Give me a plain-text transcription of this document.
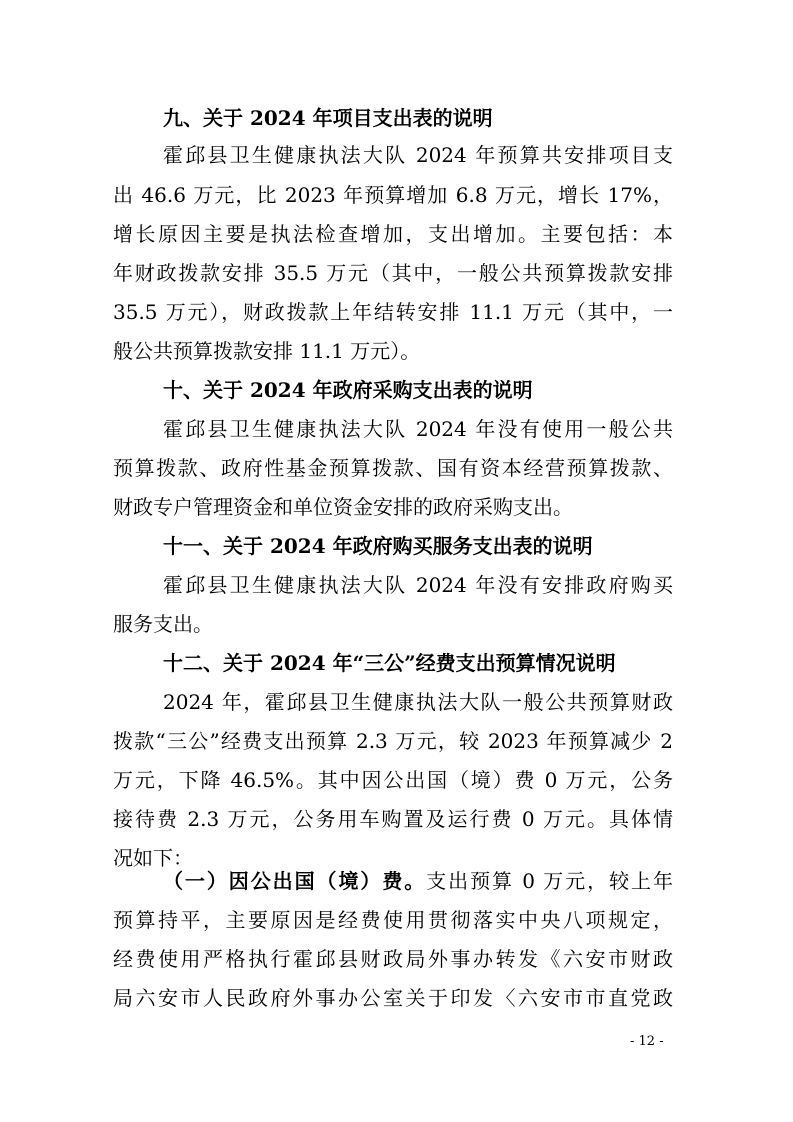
九、关于 2024 年项目支出表的说明
霍邱县卫生健康执法大队 2024 年预算共安排项目支
出 46.6 万元，比 2023 年预算增加 6.8 万元，增长 17%，
增长原因主要是执法检查增加，支出增加。主要包括：本
年财政拨款安排 35.5 万元（其中，一般公共预算拨款安排
35.5 万元），财政拨款上年结转安排 11.1 万元（其中，一
般公共预算拨款安排 11.1 万元）。
十、关于 2024 年政府采购支出表的说明
霍邱县卫生健康执法大队 2024 年没有使用一般公共
预算拨款、政府性基金预算拨款、国有资本经营预算拨款、
财政专户管理资金和单位资金安排的政府采购支出。
十一、关于 2024 年政府购买服务支出表的说明
霍邱县卫生健康执法大队 2024 年没有安排政府购买
服务支出。
十二、关于 2024 年“三公”经费支出预算情况说明
2024 年，霍邱县卫生健康执法大队一般公共预算财政
拨款“三公”经费支出预算 2.3 万元，较 2023 年预算减少 2
万元，下降 46.5%。其中因公出国（境）费 0 万元，公务
接待费 2.3 万元，公务用车购置及运行费 0 万元。具体情
况如下：
（一）因公出国（境）费。支出预算 0 万元，较上年
预算持平，主要原因是经费使用贯彻落实中央八项规定，
经费使用严格执行霍邱县财政局外事办转发《六安市财政
局六安市人民政府外事办公室关于印发〈六安市市直党政
- 12 -
